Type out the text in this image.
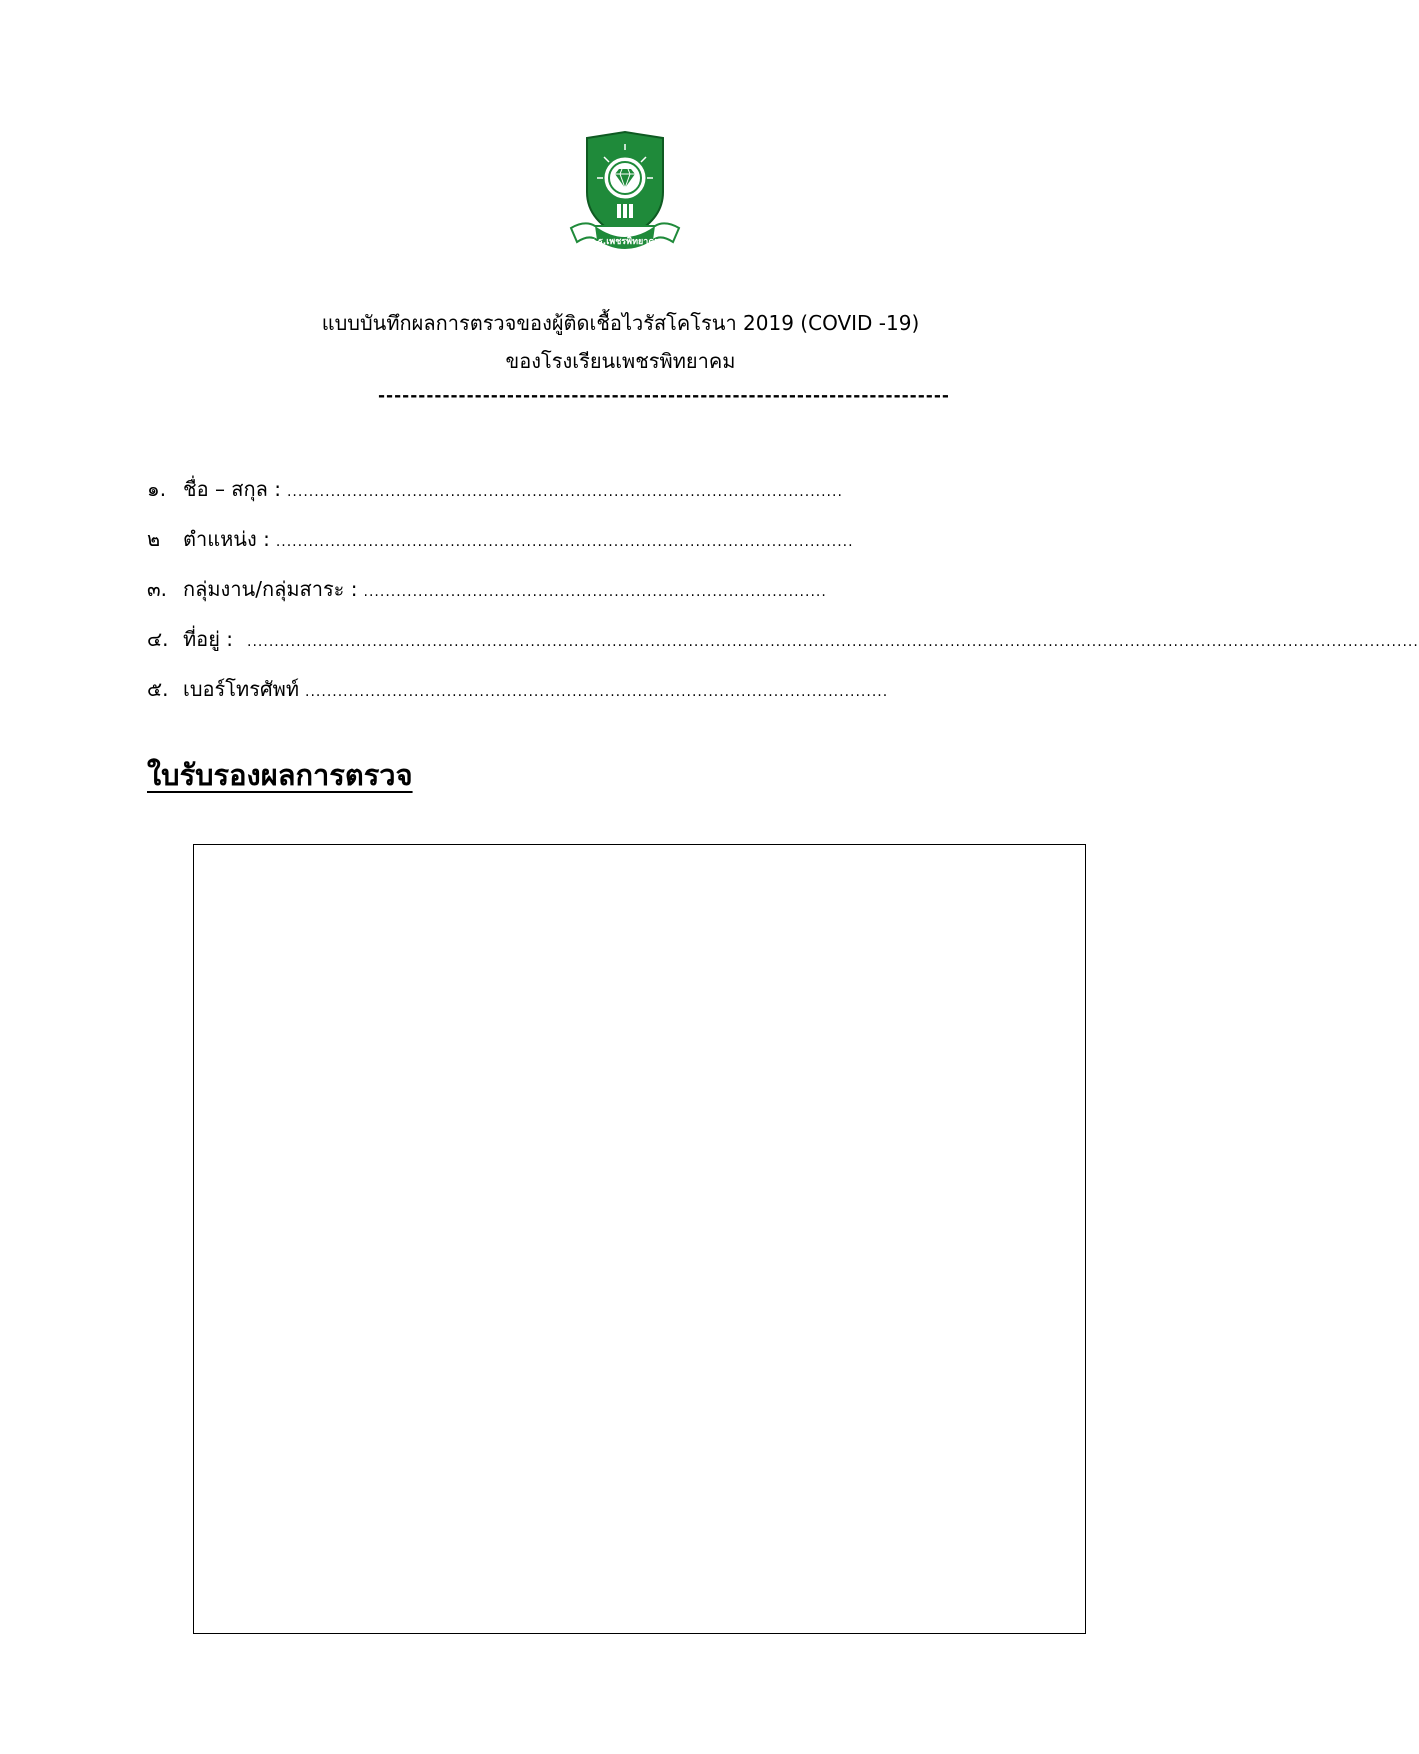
ร.ร.เพชรพิทยาคม
แบบบันทึกผลการตรวจของผู้ติดเชื้อไวรัสโคโรนา 2019 (COVID -19)
ของโรงเรียนเพชรพิทยาคม
-----------------------------------------------------------------------
๑. ชื่อ – สกุล : ......................................................................................................
๒	ตำแหน่ง : ..........................................................................................................
๓. กลุ่มงาน/กลุ่มสาระ : .....................................................................................
๔. ที่อยู่ : .......................................................................................................................................................................................................................
๕. เบอร์โทรศัพท์ ...........................................................................................................
ใบรับรองผลการตรวจ
